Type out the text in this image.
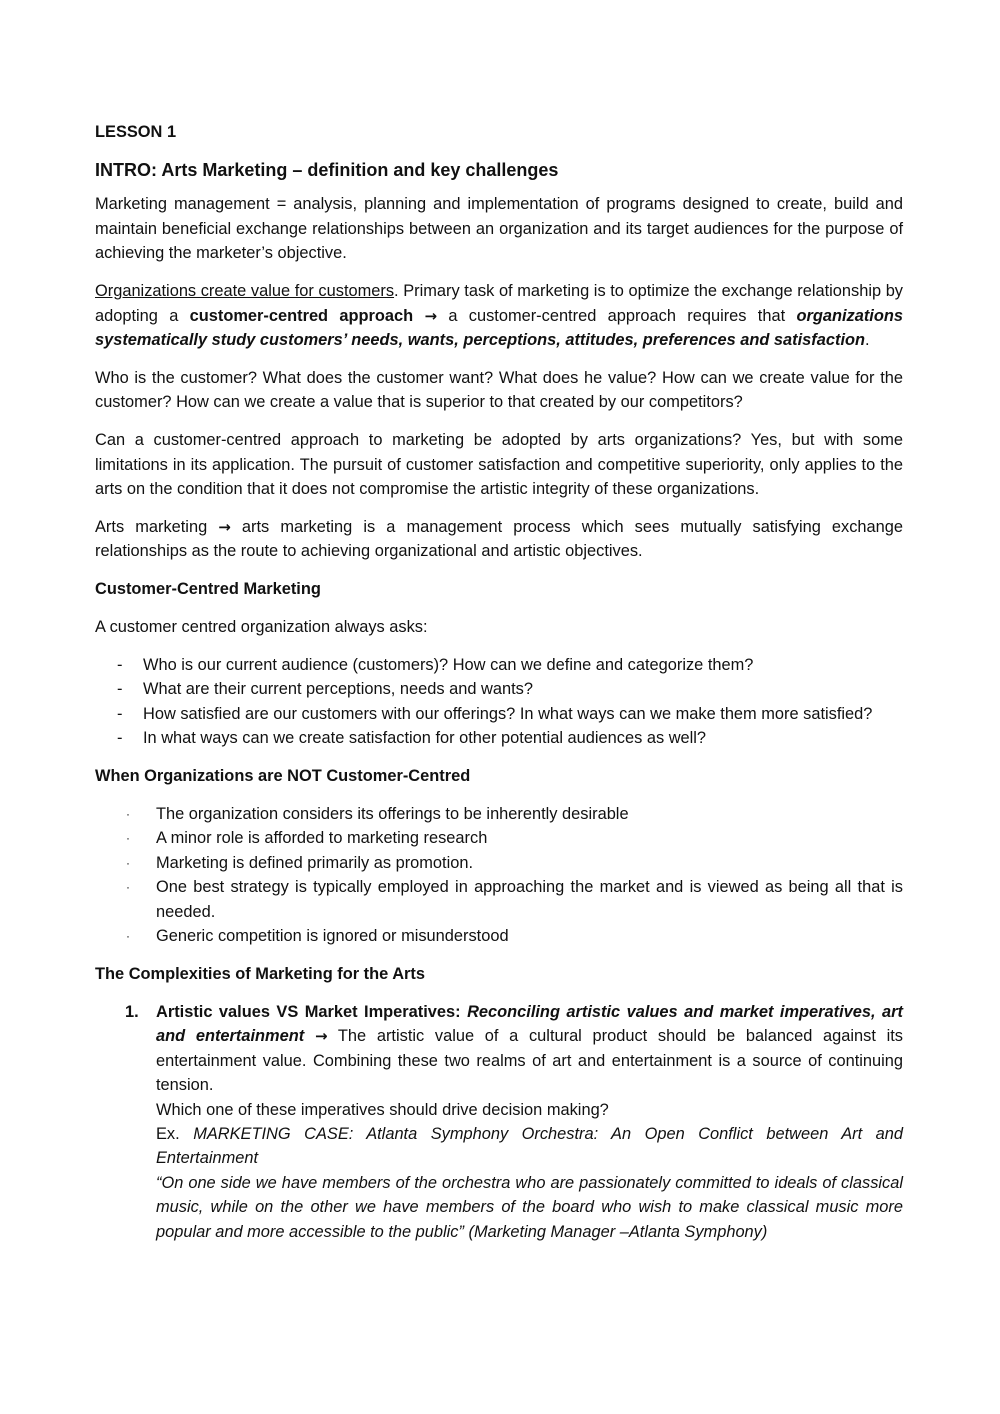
LESSON 1
INTRO: Arts Marketing – definition and key challenges

Marketing management = analysis, planning and implementation of programs designed to create, build and maintain beneficial exchange relationships between an organization and its target audiences for the purpose of achieving the marketer’s objective.

Organizations create value for customers. Primary task of marketing is to optimize the exchange relationship by adopting a customer-centred approach → a customer-centred approach requires that organizations systematically study customers’ needs, wants, perceptions, attitudes, preferences and satisfaction.

Who is the customer? What does the customer want? What does he value? How can we create value for the customer? How can we create a value that is superior to that created by our competitors?

Can a customer-centred approach to marketing be adopted by arts organizations? Yes, but with some limitations in its application. The pursuit of customer satisfaction and competitive superiority, only applies to the arts on the condition that it does not compromise the artistic integrity of these organizations.

Arts marketing → arts marketing is a management process which sees mutually satisfying exchange relationships as the route to achieving organizational and artistic objectives.

Customer-Centred Marketing

A customer centred organization always asks:

- Who is our current audience (customers)? How can we define and categorize them?
- What are their current perceptions, needs and wants?
- How satisfied are our customers with our offerings? In what ways can we make them more satisfied?
- In what ways can we create satisfaction for other potential audiences as well?
When Organizations are NOT Customer-Centred
· The organization considers its offerings to be inherently desirable
· A minor role is afforded to marketing research
· Marketing is defined primarily as promotion.
· One best strategy is typically employed in approaching the market and is viewed as being all that is needed.
· Generic competition is ignored or misunderstood
The Complexities of Marketing for the Arts
1. Artistic values VS Market Imperatives: Reconciling artistic values and market imperatives, art and entertainment → The artistic value of a cultural product should be balanced against its entertainment value. Combining these two realms of art and entertainment is a source of continuing tension.
Which one of these imperatives should drive decision making?
Ex. MARKETING CASE: Atlanta Symphony Orchestra: An Open Conflict between Art and Entertainment
“On one side we have members of the orchestra who are passionately committed to ideals of classical music, while on the other we have members of the board who wish to make classical music more popular and more accessible to the public” (Marketing Manager –Atlanta Symphony)
